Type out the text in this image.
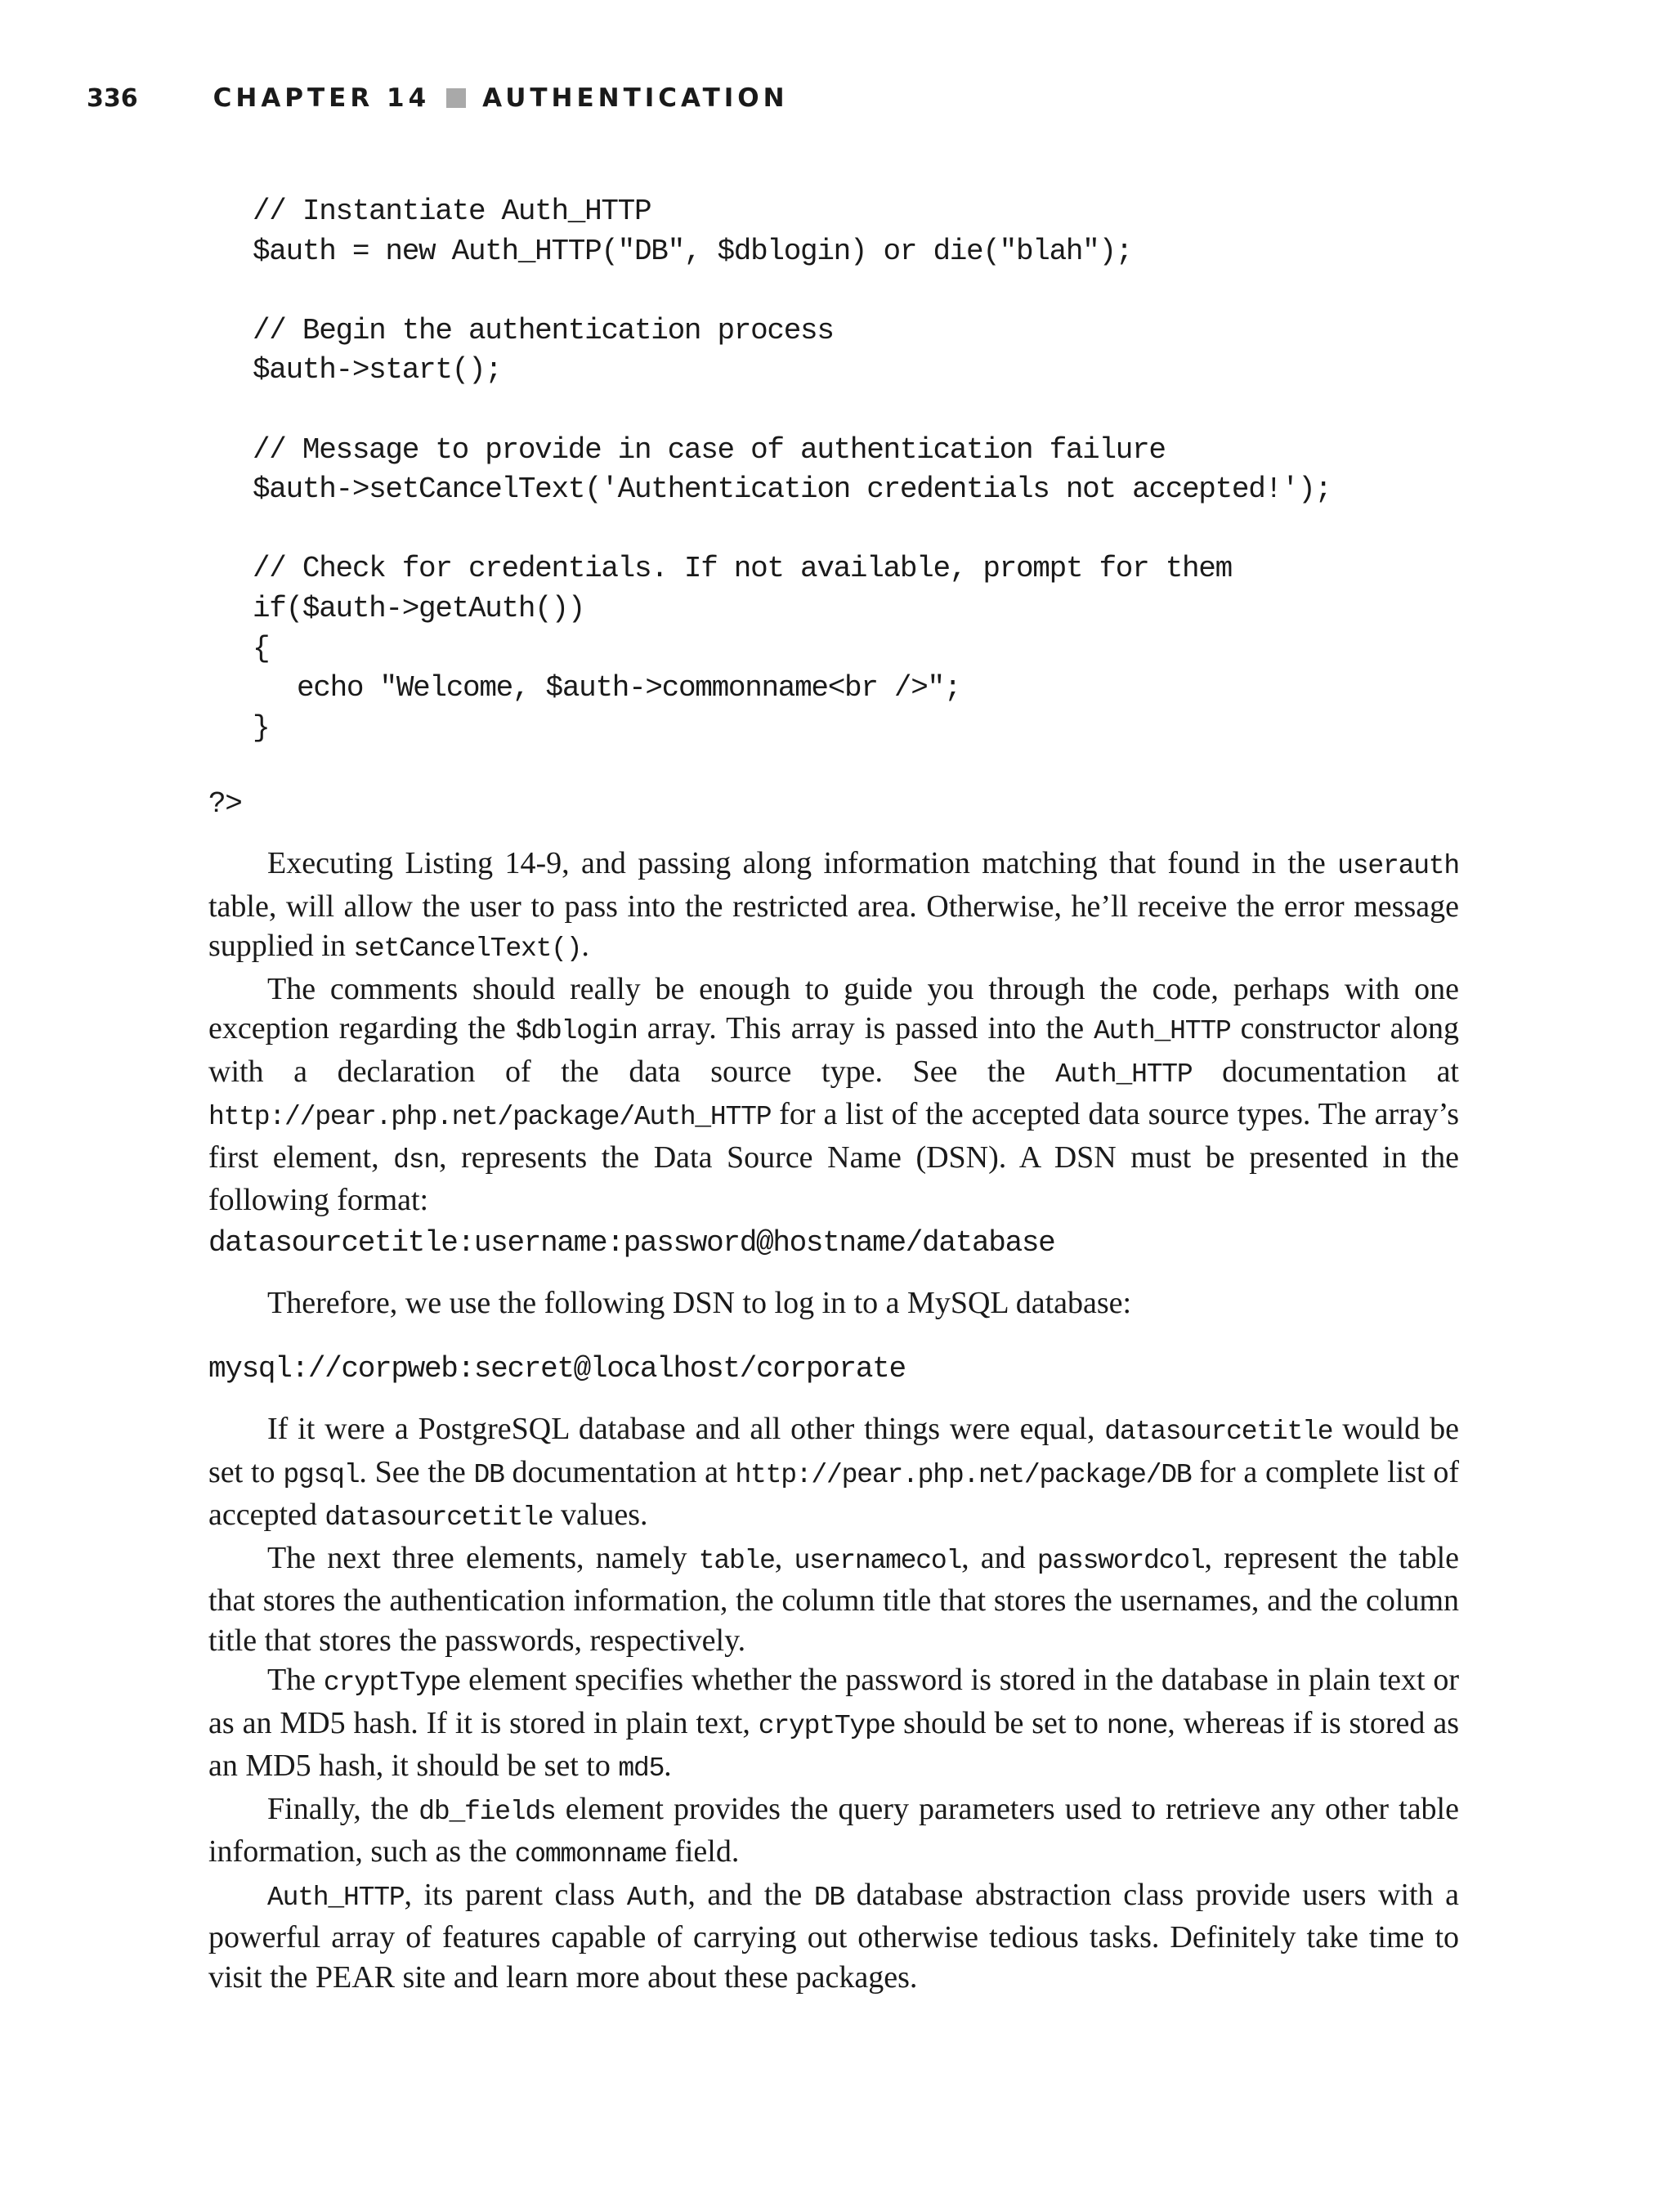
336	CHAPTER 14 AUTHENTICATION
// Instantiate Auth_HTTP
$auth = new Auth_HTTP("DB", $dblogin) or die("blah");
// Begin the authentication process
$auth->start();
// Message to provide in case of authentication failure
$auth->setCancelText('Authentication credentials not accepted!');
// Check for credentials. If not available, prompt for them
if($auth->getAuth())
{
echo "Welcome, $auth->commonname<br />";
}
?>

Executing Listing 14-9, and passing along information matching that found in the userauth table, will allow the user to pass into the restricted area. Otherwise, he’ll receive the error message supplied in setCancelText().

The comments should really be enough to guide you through the code, perhaps with one exception regarding the $dblogin array. This array is passed into the Auth_HTTP constructor along with a declaration of the data source type. See the Auth_HTTP documentation at http://pear.php.net/package/Auth_HTTP for a list of the accepted data source types. The array’s first element, dsn, represents the Data Source Name (DSN). A DSN must be presented in the following format:

datasourcetitle:username:password@hostname/database

Therefore, we use the following DSN to log in to a MySQL database:

mysql://corpweb:secret@localhost/corporate

If it were a PostgreSQL database and all other things were equal, datasourcetitle would be set to pgsql. See the DB documentation at http://pear.php.net/package/DB for a complete list of accepted datasourcetitle values.

The next three elements, namely table, usernamecol, and passwordcol, represent the table that stores the authentication information, the column title that stores the usernames, and the column title that stores the passwords, respectively.

The cryptType element specifies whether the password is stored in the database in plain text or as an MD5 hash. If it is stored in plain text, cryptType should be set to none, whereas if is stored as an MD5 hash, it should be set to md5.

Finally, the db_fields element provides the query parameters used to retrieve any other table information, such as the commonname field.

Auth_HTTP, its parent class Auth, and the DB database abstraction class provide users with a powerful array of features capable of carrying out otherwise tedious tasks. Definitely take time to visit the PEAR site and learn more about these packages.
